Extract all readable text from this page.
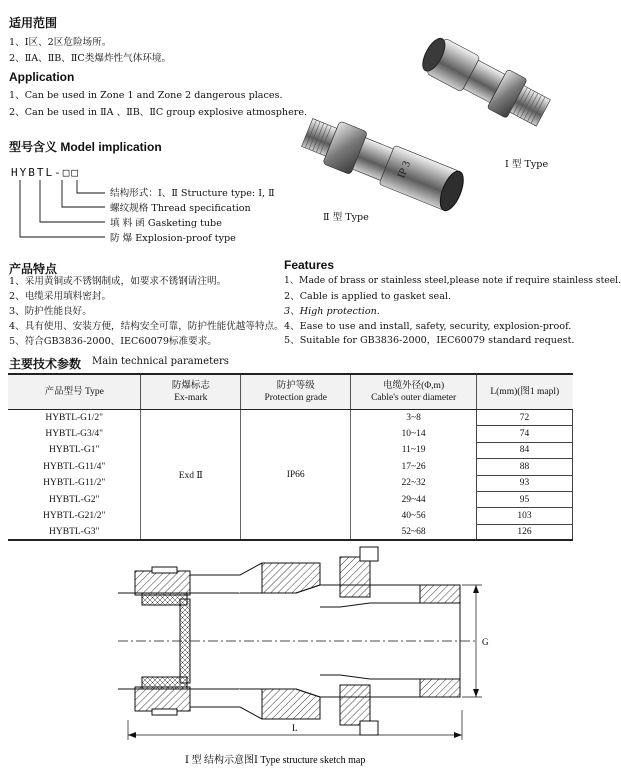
适用范围
1、Ⅰ区、2区危险场所。
2、ⅡA、ⅡB、ⅡC类爆炸性气体环境。
Application
1、Can be used in Zone 1 and Zone 2 dangerous places.
2、Can be used in ⅡA 、ⅡB、ⅡC group explosive atmosphere.
型号含义 Model implication
HYBTL-□□
结构形式：Ⅰ、Ⅱ Structure type: Ⅰ, Ⅱ
螺纹规格 Thread specification
填 料 函 Gasketing tube
防 爆 Explosion-proof type
IP 3	Ⅰ 型 Type
Ⅱ 型 Type
产品特点
1、采用黄铜或不锈钢制成，如要求不锈钢请注明。
2、电缆采用填料密封。
3、防护性能良好。
4、具有使用、安装方便，结构安全可靠，防护性能优越等特点。
5、符合GB3836-2000、IEC60079标准要求。
Features
1、Made of brass or stainless steel,please note if require stainless steel.
2、Cable is applied to gasket seal.
3、High protection.
4、Ease to use and install, safety, security, explosion-proof.
5、Suitable for GB3836-2000，IEC60079 standard request.
主要技术参数 Main technical parameters
产品型号 Type	防爆标志
Ex-mark	防护等级
Protection grade	电缆外径(Φ,m)
Cable's outer diameter	L(mm)(图1 mapl)
HYBTL-G1/2"	Exd Ⅱ	IP66	3~8	72
HYBTL-G3/4"			10~14	74
HYBTL-G1"			11~19	84
HYBTL-G11/4"			17~26	88
HYBTL-G11/2"			22~32	93
HYBTL-G2"			29~44	95
HYBTL-G21/2"			40~56	103
HYBTL-G3"			52~68	126
L
G
Ⅰ 型 结构示意图Ⅰ Type structure sketch map
